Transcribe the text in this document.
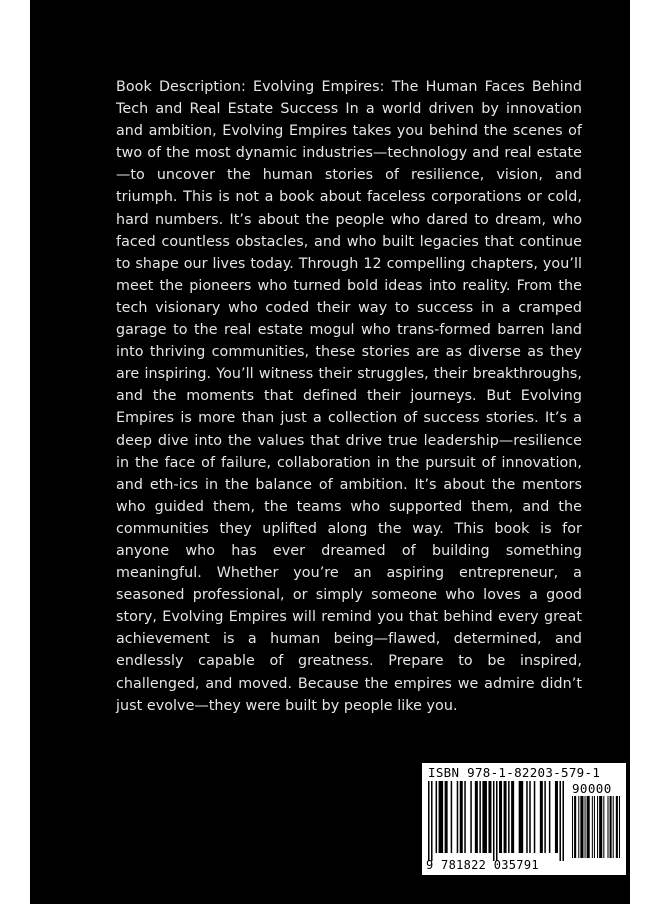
Book Description: Evolving Empires: The Human Faces Behind Tech and Real Estate Success In a world driven by innovation and ambition, Evolving Empires takes you behind the scenes of two of the most dynamic industries—technology and real estate—to uncover the human stories of resilience, vision, and triumph. This is not a book about faceless corporations or cold, hard numbers. It’s about the people who dared to dream, who faced countless obstacles, and who built legacies that continue to shape our lives today. Through 12 compelling chapters, you’ll meet the pioneers who turned bold ideas into reality. From the tech visionary who coded their way to success in a cramped garage to the real estate mogul who trans-formed barren land into thriving communities, these stories are as diverse as they are inspiring. You’ll witness their struggles, their breakthroughs, and the moments that defined their journeys. But Evolving Empires is more than just a collection of success stories. It’s a deep dive into the values that drive true leadership—resilience in the face of failure, collaboration in the pursuit of innovation, and eth-ics in the balance of ambition. It’s about the mentors who guided them, the teams who supported them, and the communities they uplifted along the way. This book is for anyone who has ever dreamed of building something meaningful. Whether you’re an aspiring entrepreneur, a seasoned professional, or simply someone who loves a good story, Evolving Empires will remind you that behind every great achievement is a human being—flawed, determined, and endlessly capable of greatness. Prepare to be inspired, challenged, and moved. Because the empires we admire didn’t just evolve—they were built by people like you.

ISBN 978-1-82203-579-1
90000
9 781822 035791
